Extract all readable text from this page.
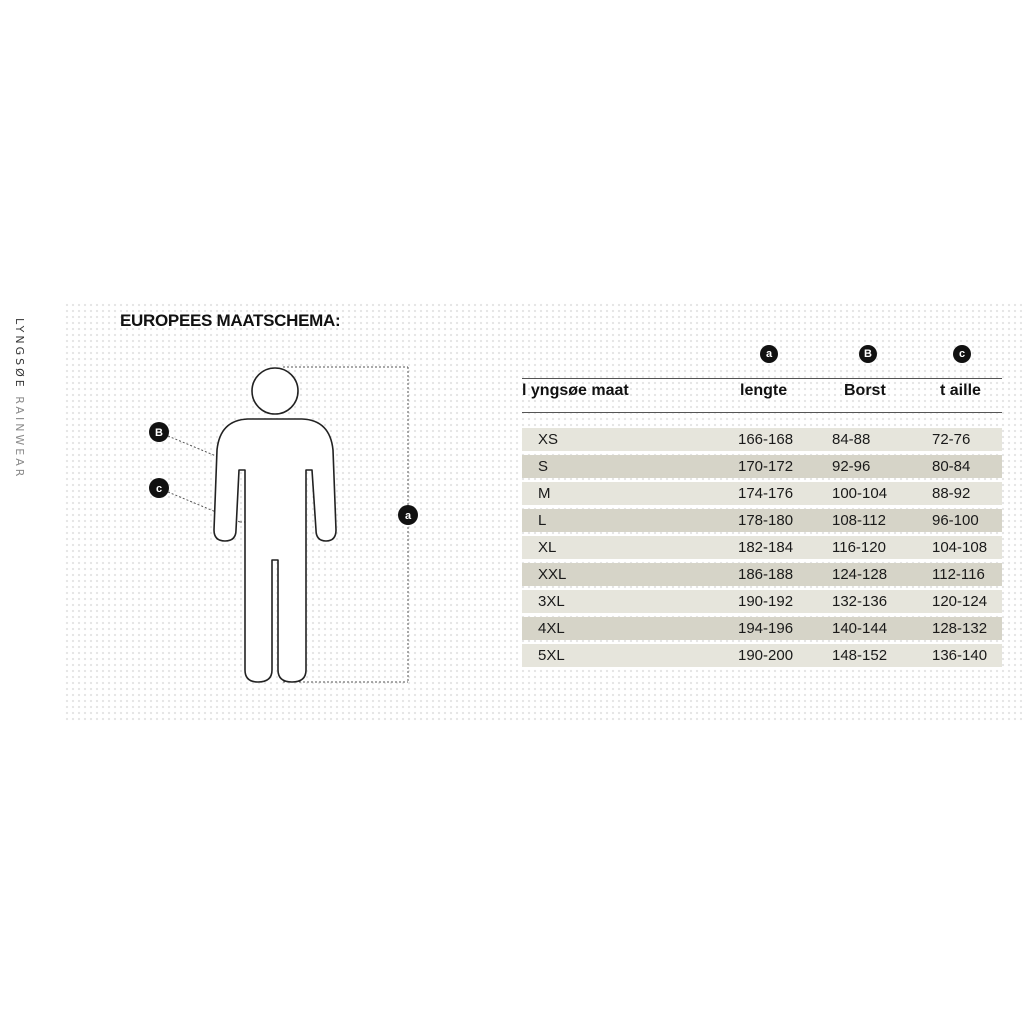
LYNGSØE RAINWEAR
EUROPEES MAATSCHEMA:
B
c
a
a	B	c
l yngsøe maat	lengte	Borst	t aille
XS	166-168	84-88	72-76
S	170-172	92-96	80-84
M	174-176	100-104	88-92
L	178-180	108-112	96-100
XL	182-184	116-120	104-108
XXL	186-188	124-128	112-116
3XL	190-192	132-136	120-124
4XL	194-196	140-144	128-132
5XL	190-200	148-152	136-140
